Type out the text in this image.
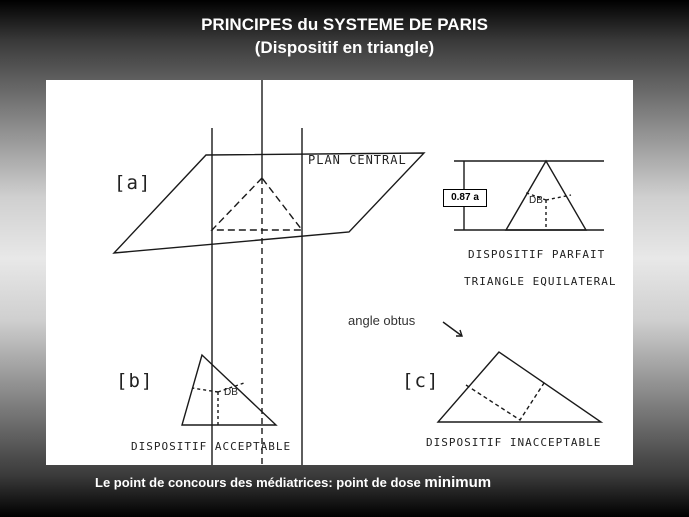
PRINCIPES du SYSTEME DE PARIS
(Dispositif en triangle)
[a]
PLAN CENTRAL
0.87 a	DB
DISPOSITIF PARFAIT
TRIANGLE EQUILATERAL
angle obtus
[b]
DB
DISPOSITIF ACCEPTABLE
[c]
DISPOSITIF INACCEPTABLE
Le point de concours des médiatrices: point de dose minimum
